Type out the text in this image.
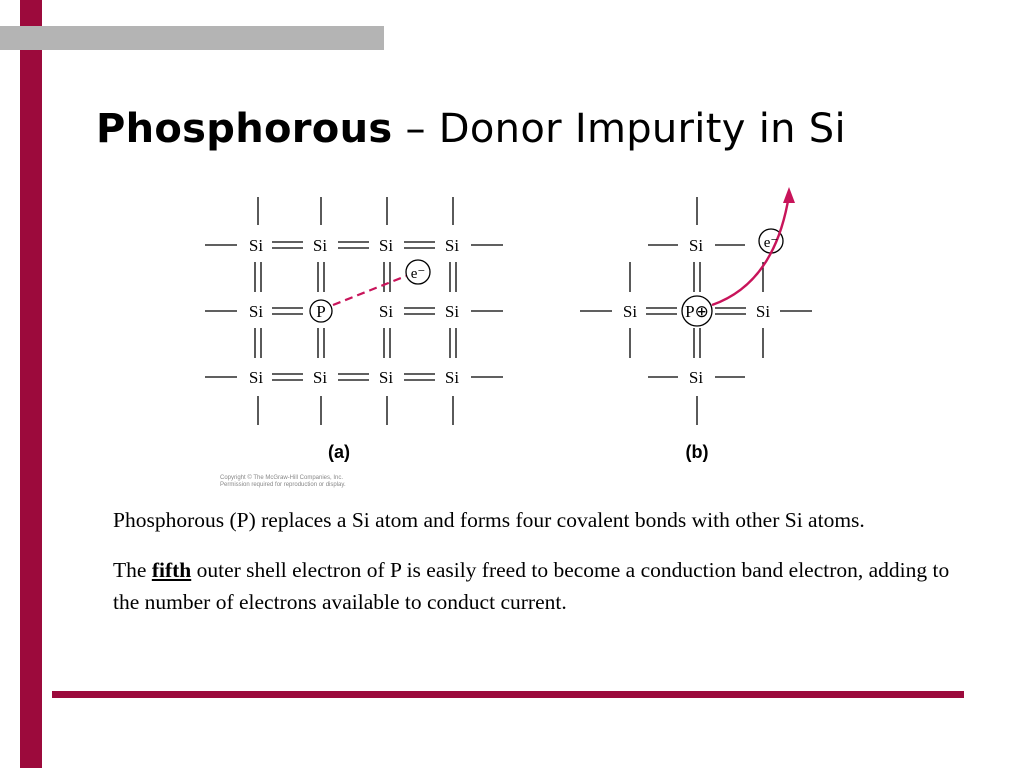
Phosphorous – Donor Impurity in Si
Si	Si	Si	Si
Si	P	Si	Si
Si	Si	Si	Si
e⁻
(a)
Copyright © The McGraw-Hill Companies, Inc.
Permission required for reproduction or display.
Si
Si	P⊕	Si
Si
e⁻
(b)

Phosphorous (P) replaces a Si atom and forms four covalent bonds with other Si atoms.

The fifth outer shell electron of P is easily freed to become a conduction band electron, adding to the number of electrons available to conduct current.
